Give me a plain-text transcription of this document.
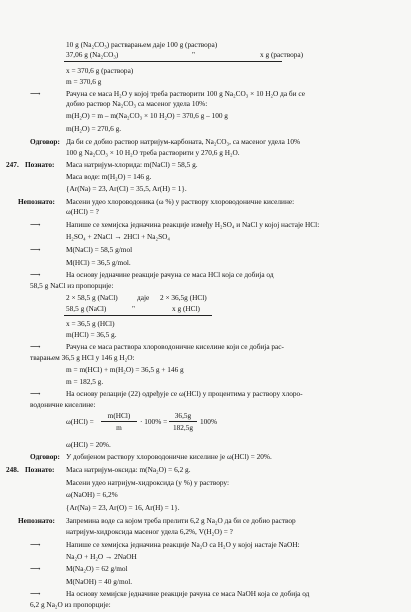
10 g (Na₂CO₃) растварањем даје 100 g (раствора)
37,06 g (Na₂CO₃)	"	x g (раствора)
x = 370,6 g (раствора)
m = 370,6 g
⟶	Рачуна се маса H₂O у којој треба растворити 100 g Na₂CO₃ × 10 H₂O да би се
добио раствор Na₂CO₃ са масеног удела 10%:
m(H₂O) = m – m(Na₂CO₃ × 10 H₂O) = 370,6 g – 100 g
m(H₂O) = 270,6 g.
Одговор: Да би се добио раствор натријум-карбоната, Na₂CO₃, са масеног удела 10%
100 g Na₂CO₃ × 10 H₂O треба растворити у 270,6 g H₂O.
247. Познато: Маса натријум-хлорида: m(NaCl) = 58,5 g.
Маса воде: m(H₂O) = 146 g.
{Ar(Na) = 23, Ar(Cl) = 35,5, Ar(H) = 1}.
Непознато: Масени удео хлороводоника (ω %) у раствору хлороводоничне киселине:
ω(HCl) = ?
⟶	Напише се хемијска једначина реакције између H₂SO₄ и NaCl у којој настаје HCl:
H₂SO₄ + 2NaCl → 2HCl + Na₂SO₄
⟶	M(NaCl) = 58,5 g/mol
M(HCl) = 36,5 g/mol.
⟶	На основу једначине реакције рачуна се маса HCl која се добија од
58,5 g NaCl из пропорције:
2 × 58,5 g (NaCl)	даје 2 × 36,5g (HCl)
58,5 g (NaCl)	"	x g (HCl)
x = 36,5 g (HCl)
m(HCl) = 36,5 g.
⟶	Рачуна се маса раствора хлороводоничне киселине који се добија рас-
тварањем 36,5 g HCl у 146 g H₂O:
m = m(HCl) + m(H₂O) = 36,5 g + 146 g
m = 182,5 g.
⟶	На основу релације (22) одређује се ω(HCl) у процентима у раствору хлоро-
водоничне киселине:
ω(HCl) =
m(HCl)
m
· 100% =
36,5g
182,5g
100%
ω(HCl) = 20%.
Одговор: У добијеном раствору хлороводоничне киселине је ω(HCl) = 20%.
248. Познато: Маса натријум-оксида: m(Na₂O) = 6,2 g.
Масени удео натријум-хидроксида (y %) у раствору:
ω(NaOH) = 6,2%
{Ar(Na) = 23, Ar(O) = 16, Ar(H) = 1}.
Непознато: Запремина воде са којом треба прелити 6,2 g Na₂O да би се добио раствор
натријум-хидроксида масеног удела 6,2%, V(H₂O) = ?
⟶	Напише се хемијска једначина реакције Na₂O са H₂O у којој настаје NaOH:
Na₂O + H₂O → 2NaOH
⟶	M(Na₂O) = 62 g/mol
M(NaOH) = 40 g/mol.
⟶	На основу хемијске једначине реакције рачуна се маса NaOH која се добија од
6,2 g Na₂O из пропорције:
